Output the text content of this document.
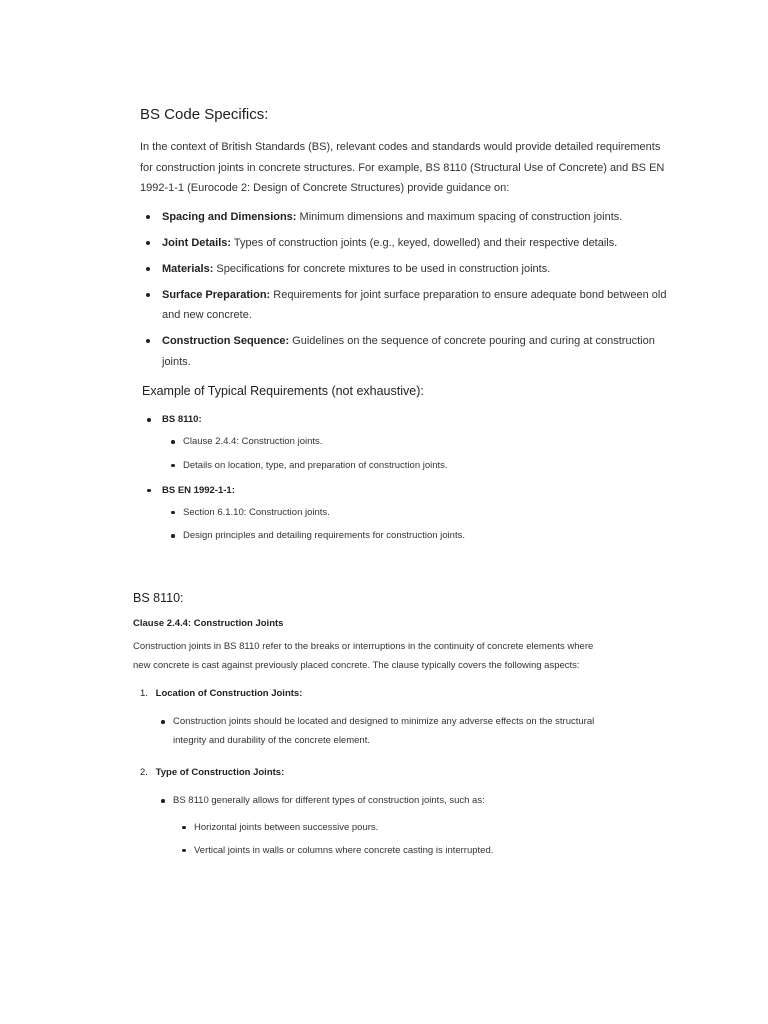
BS Code Specifics:

In the context of British Standards (BS), relevant codes and standards would provide detailed requirements for construction joints in concrete structures. For example, BS 8110 (Structural Use of Concrete) and BS EN 1992-1-1 (Eurocode 2: Design of Concrete Structures) provide guidance on:

Spacing and Dimensions: Minimum dimensions and maximum spacing of construction joints.
Joint Details: Types of construction joints (e.g., keyed, dowelled) and their respective details.
Materials: Specifications for concrete mixtures to be used in construction joints.
Surface Preparation: Requirements for joint surface preparation to ensure adequate bond between old and new concrete.
Construction Sequence: Guidelines on the sequence of concrete pouring and curing at construction joints.
Example of Typical Requirements (not exhaustive):
BS 8110:
Clause 2.4.4: Construction joints.
Details on location, type, and preparation of construction joints.
BS EN 1992-1-1:
Section 6.1.10: Construction joints.
Design principles and detailing requirements for construction joints.
BS 8110:
Clause 2.4.4: Construction Joints

Construction joints in BS 8110 refer to the breaks or interruptions in the continuity of concrete elements where new concrete is cast against previously placed concrete. The clause typically covers the following aspects:

1. Location of Construction Joints:
Construction joints should be located and designed to minimize any adverse effects on the structural integrity and durability of the concrete element.
2. Type of Construction Joints:
BS 8110 generally allows for different types of construction joints, such as:
Horizontal joints between successive pours.
Vertical joints in walls or columns where concrete casting is interrupted.
